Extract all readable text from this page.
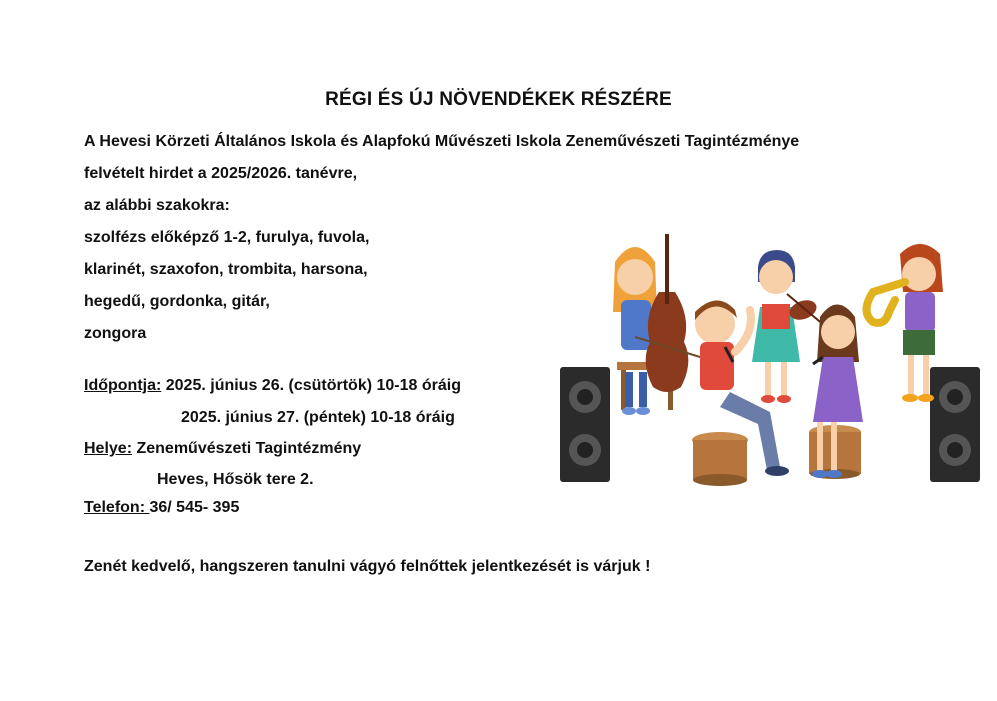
RÉGI ÉS ÚJ NÖVENDÉKEK RÉSZÉRE
A Hevesi Körzeti Általános Iskola és Alapfokú Művészeti Iskola Zeneművészeti Tagintézménye
felvételt hirdet a 2025/2026. tanévre,
az alábbi szakokra:
szolfézs előképző 1-2, furulya, fuvola,
klarinét, szaxofon, trombita, harsona,
hegedű, gordonka, gitár,
zongora
Időpontja: 2025. június 26. (csütörtök) 10-18 óráig
2025. június 27. (péntek) 10-18 óráig
Helye: Zeneművészeti Tagintézmény
Heves, Hősök tere 2.
Telefon: 36/ 545- 395
Zenét kedvelő, hangszeren tanulni vágyó felnőttek jelentkezését is várjuk !
